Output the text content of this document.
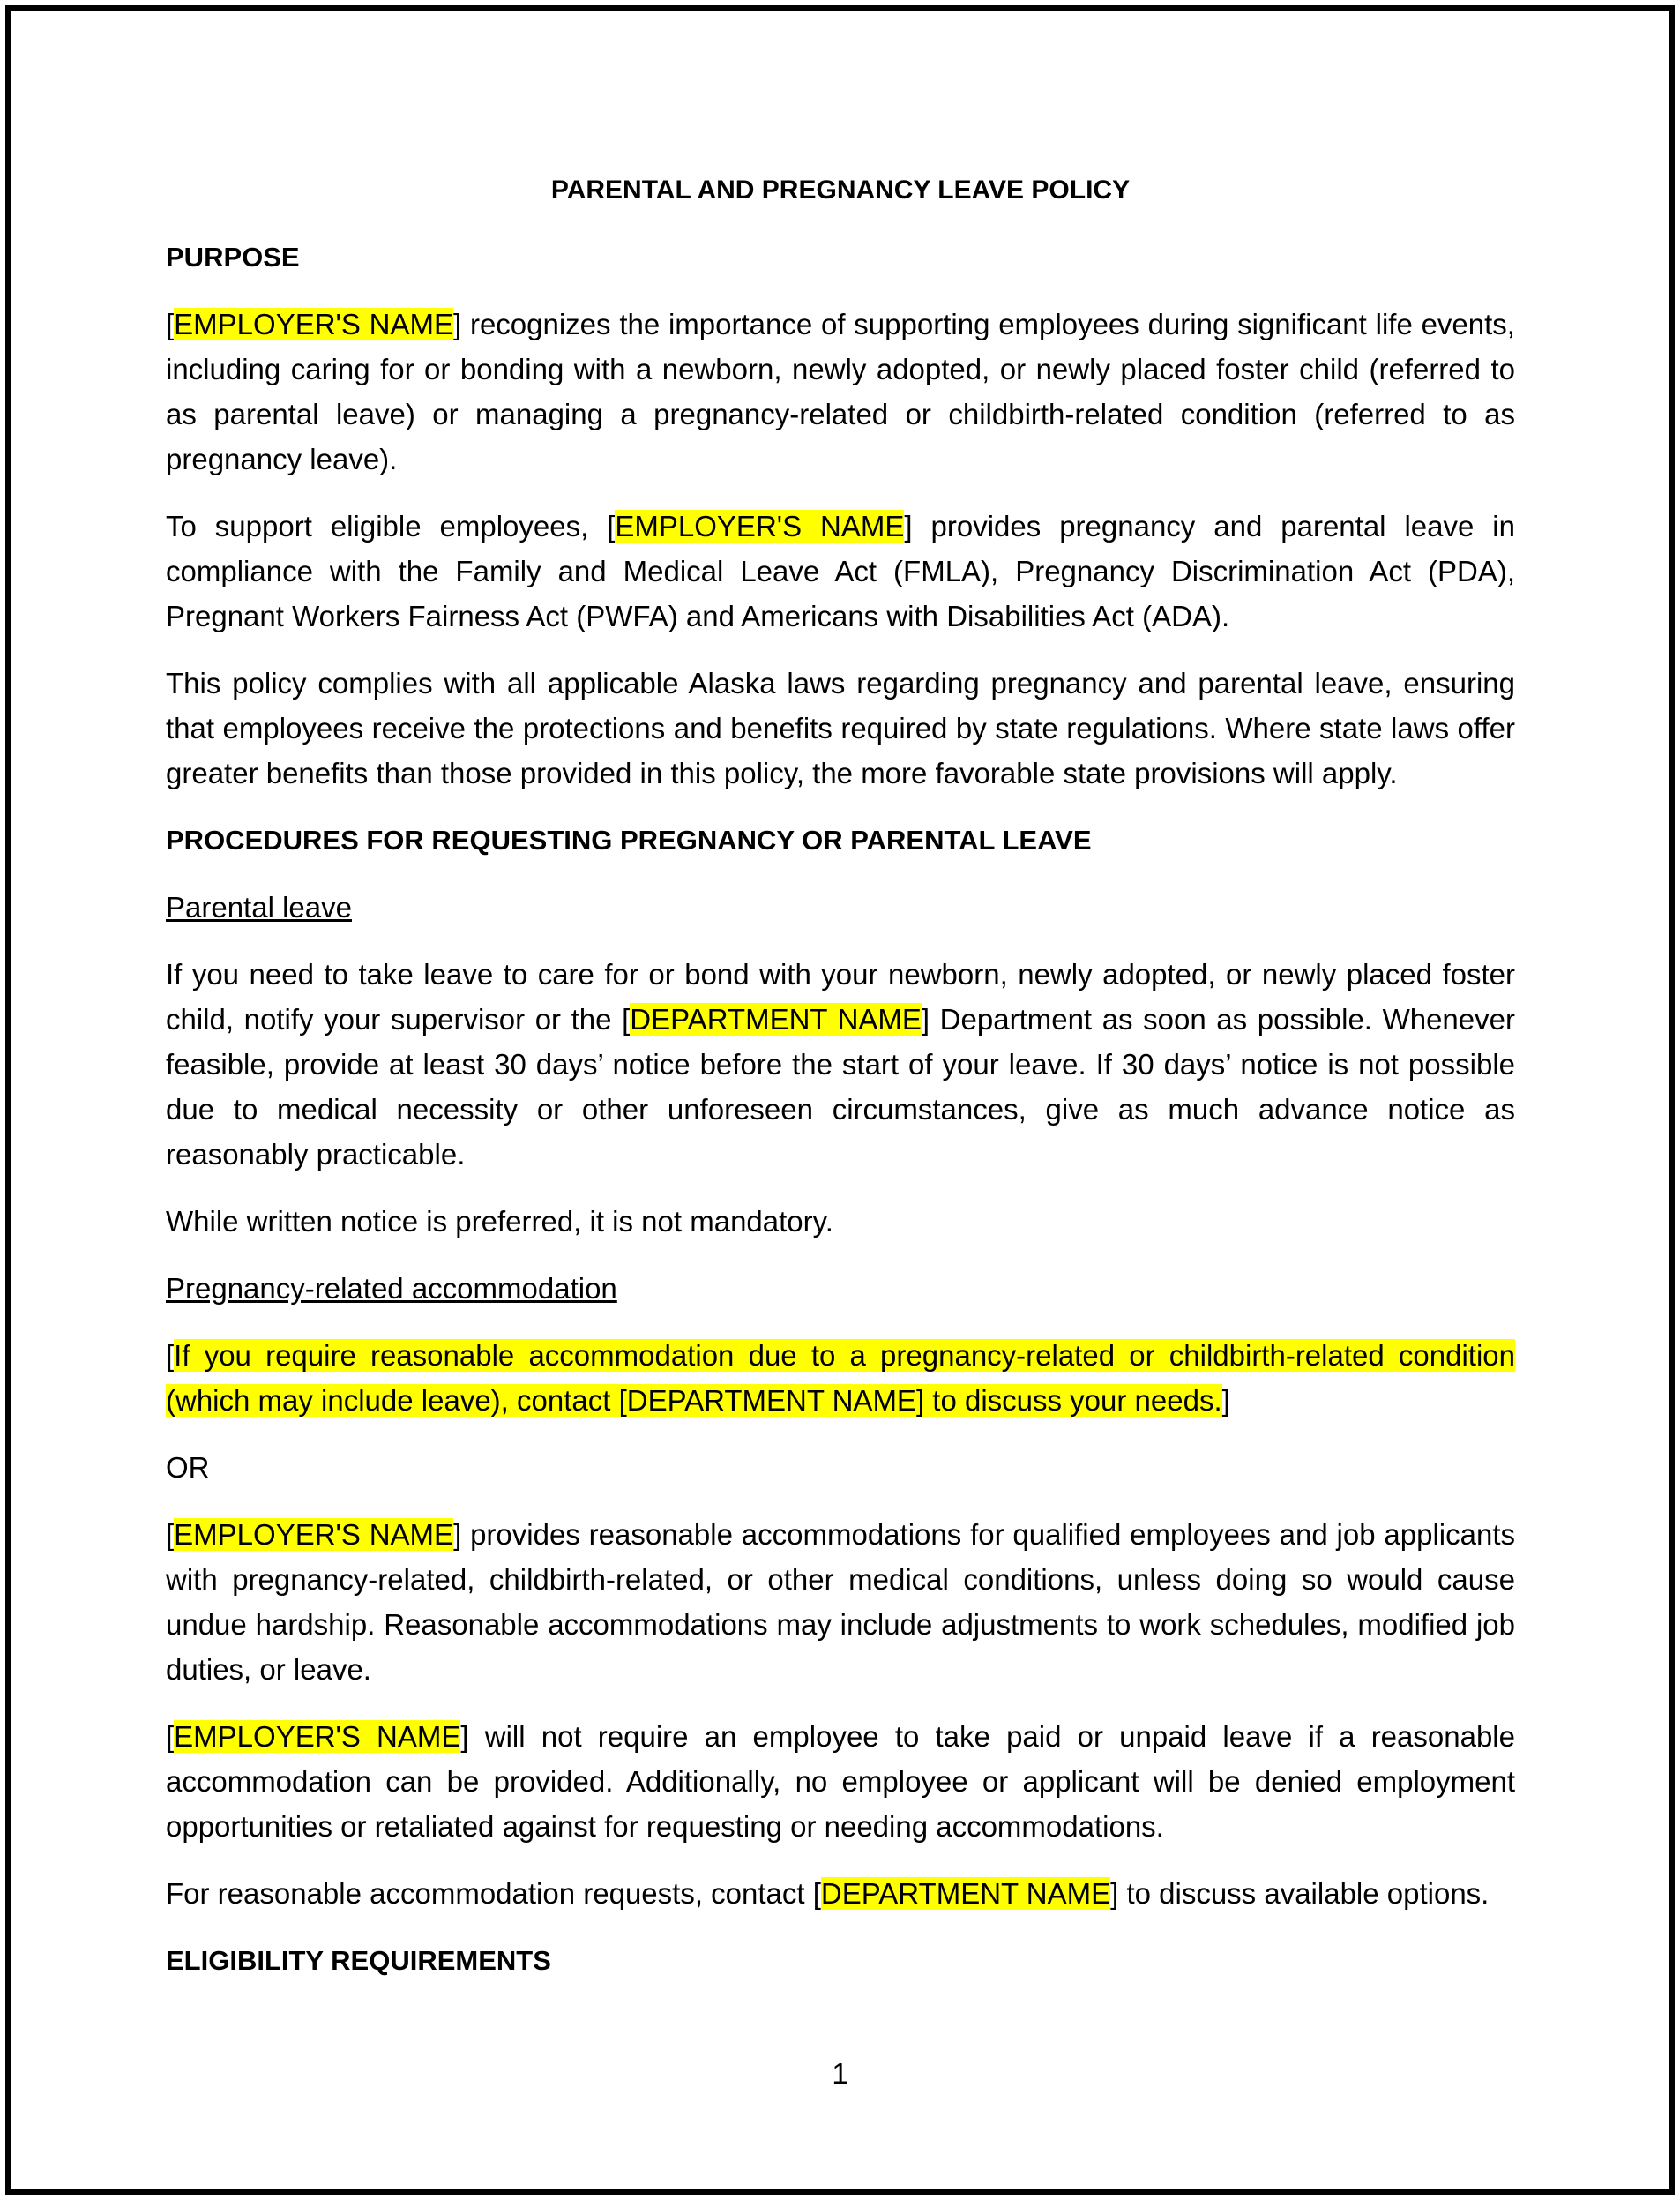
PARENTAL AND PREGNANCY LEAVE POLICY
PURPOSE

[EMPLOYER'S NAME] recognizes the importance of supporting employees during significant life events, including caring for or bonding with a newborn, newly adopted, or newly placed foster child (referred to as parental leave) or managing a pregnancy-related or childbirth-related condition (referred to as pregnancy leave).

To support eligible employees, [EMPLOYER'S NAME] provides pregnancy and parental leave in compliance with the Family and Medical Leave Act (FMLA), Pregnancy Discrimination Act (PDA), Pregnant Workers Fairness Act (PWFA) and Americans with Disabilities Act (ADA).

This policy complies with all applicable Alaska laws regarding pregnancy and parental leave, ensuring that employees receive the protections and benefits required by state regulations. Where state laws offer greater benefits than those provided in this policy, the more favorable state provisions will apply.

PROCEDURES FOR REQUESTING PREGNANCY OR PARENTAL LEAVE
Parental leave

If you need to take leave to care for or bond with your newborn, newly adopted, or newly placed foster child, notify your supervisor or the [DEPARTMENT NAME] Department as soon as possible. Whenever feasible, provide at least 30 days’ notice before the start of your leave. If 30 days’ notice is not possible due to medical necessity or other unforeseen circumstances, give as much advance notice as reasonably practicable.

While written notice is preferred, it is not mandatory.

Pregnancy-related accommodation

[If you require reasonable accommodation due to a pregnancy-related or childbirth-related condition (which may include leave), contact [DEPARTMENT NAME] to discuss your needs.]

OR

[EMPLOYER'S NAME] provides reasonable accommodations for qualified employees and job applicants with pregnancy-related, childbirth-related, or other medical conditions, unless doing so would cause undue hardship. Reasonable accommodations may include adjustments to work schedules, modified job duties, or leave.

[EMPLOYER'S NAME] will not require an employee to take paid or unpaid leave if a reasonable accommodation can be provided. Additionally, no employee or applicant will be denied employment opportunities or retaliated against for requesting or needing accommodations.

For reasonable accommodation requests, contact [DEPARTMENT NAME] to discuss available options.

ELIGIBILITY REQUIREMENTS
1
